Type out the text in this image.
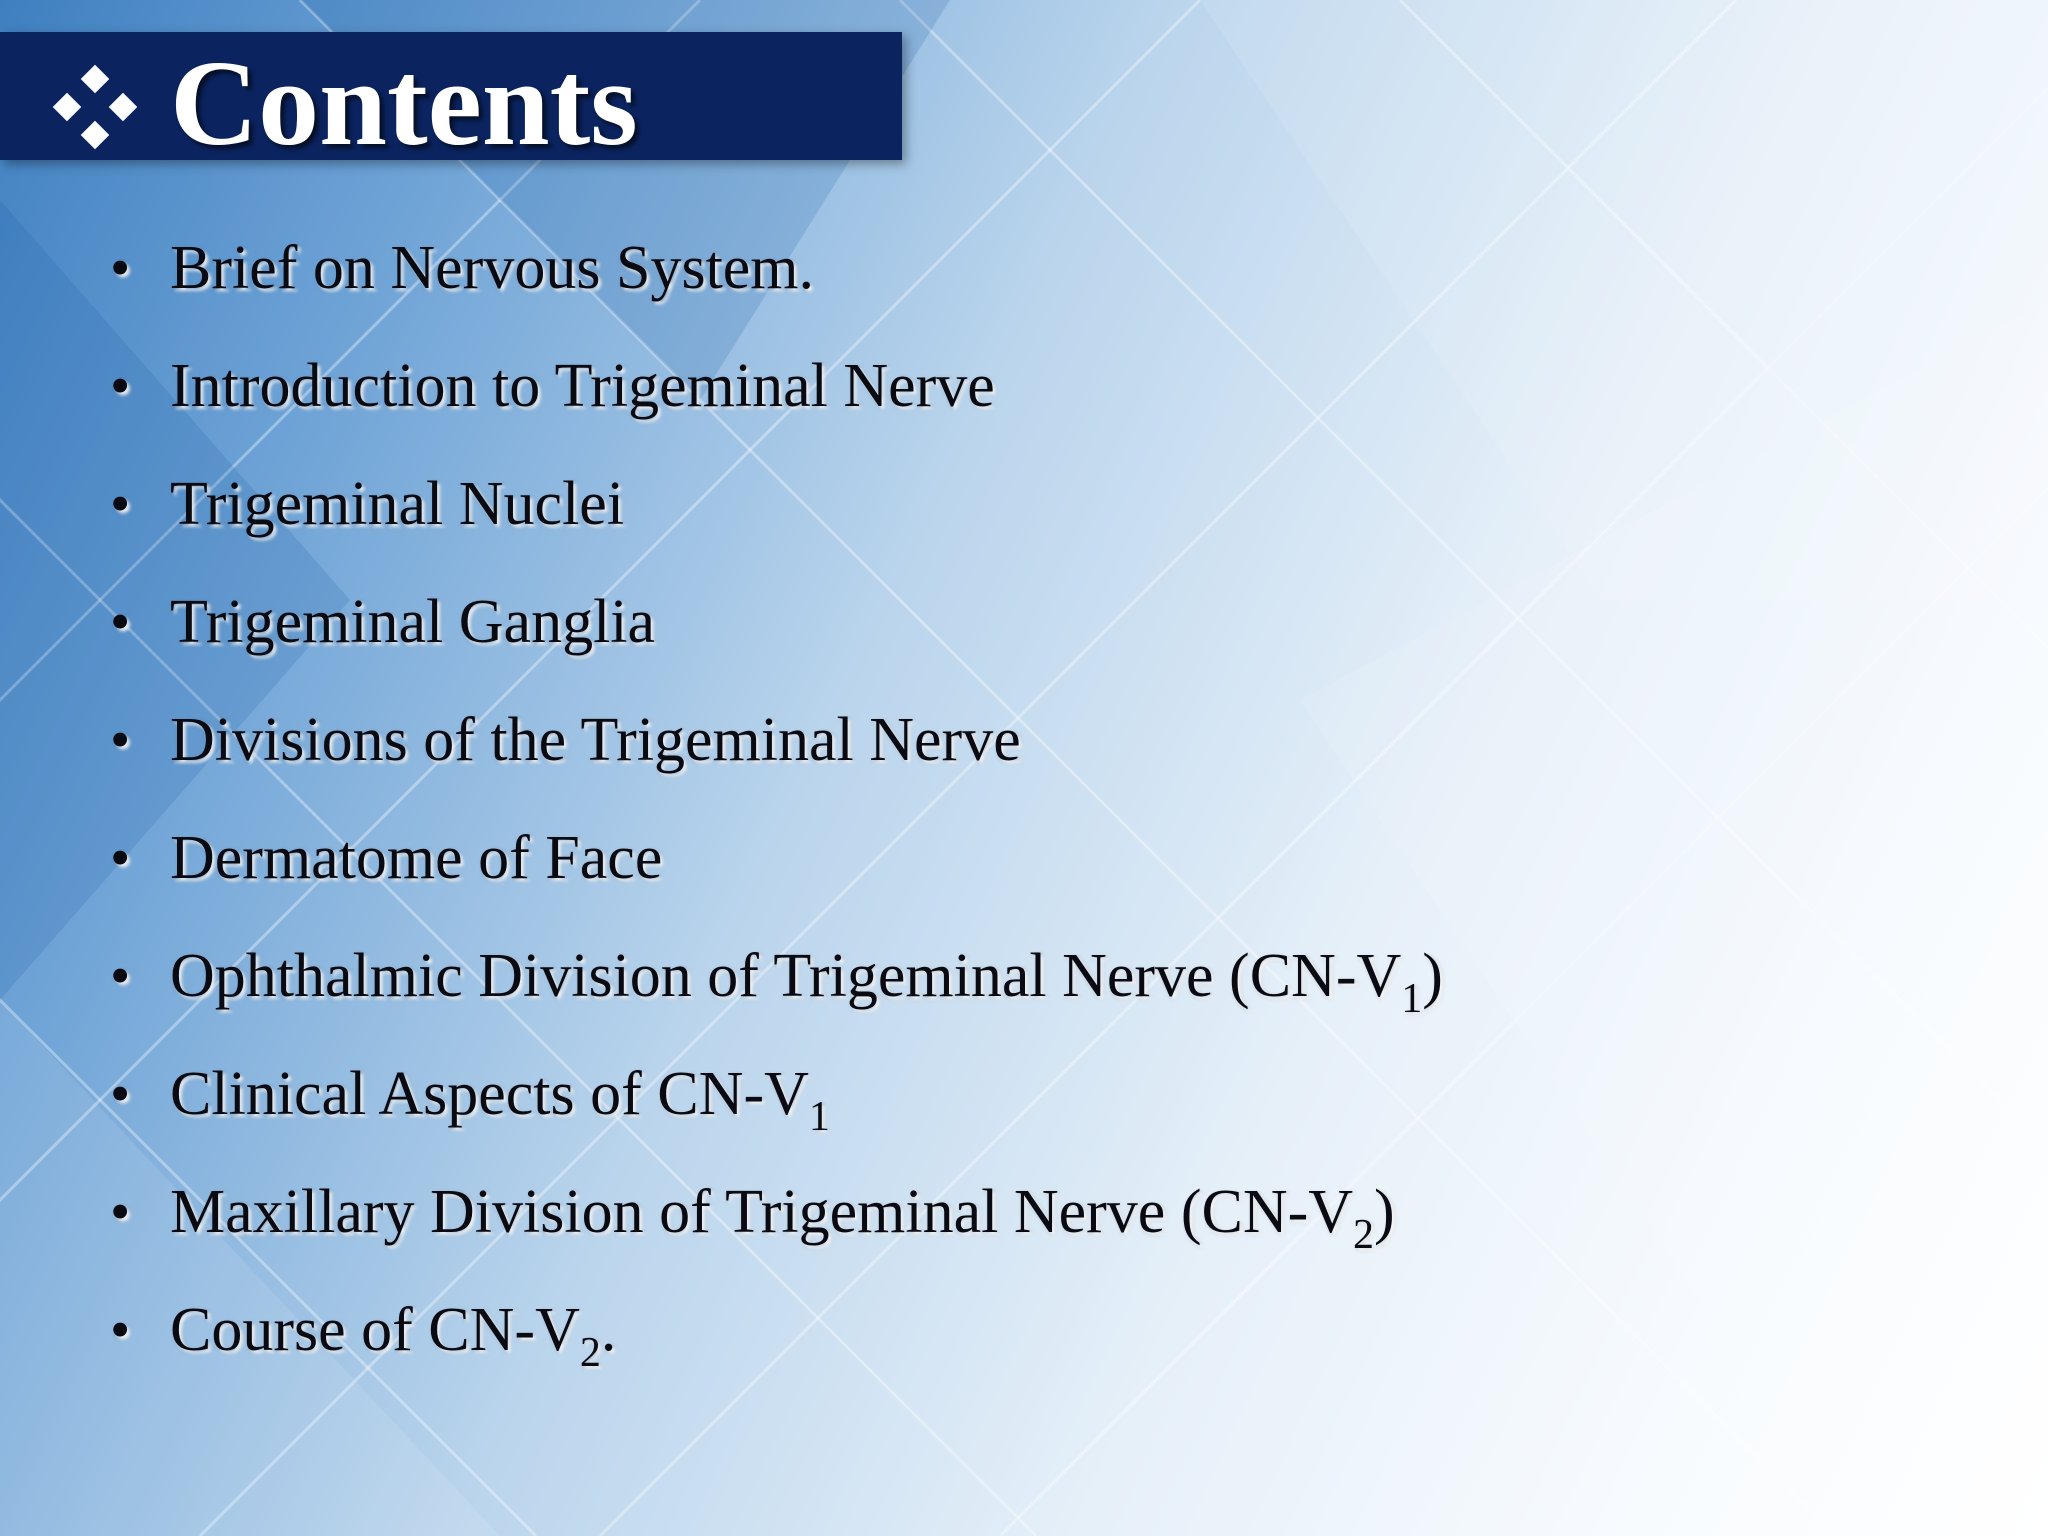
Contents
• Brief on Nervous System.
• Introduction to Trigeminal Nerve
• Trigeminal Nuclei
• Trigeminal Ganglia
• Divisions of the Trigeminal Nerve
• Dermatome of Face
• Ophthalmic Division of Trigeminal Nerve $(CN-V_1)$
• Clinical Aspects of $CN-V_1$
• Maxillary Division of Trigeminal Nerve $(CN-V_2)$
• Course of $CN-V_2$.
